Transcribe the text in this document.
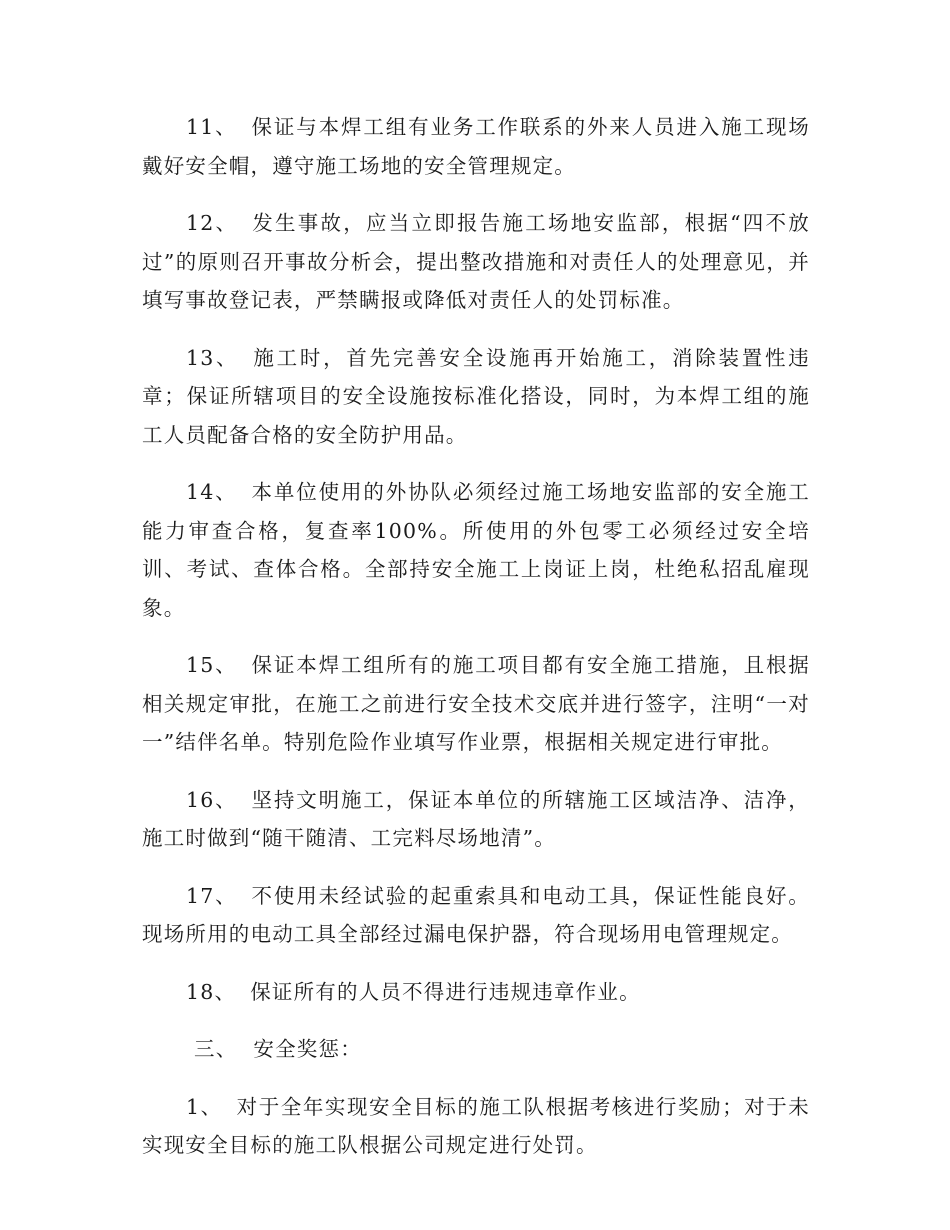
11、 保证与本焊工组有业务工作联系的外来人员进入施工现场戴好安全帽，遵守施工场地的安全管理规定。

12、 发生事故，应当立即报告施工场地安监部，根据“四不放过”的原则召开事故分析会，提出整改措施和对责任人的处理意见，并填写事故登记表，严禁瞒报或降低对责任人的处罚标准。

13、 施工时，首先完善安全设施再开始施工，消除装置性违章；保证所辖项目的安全设施按标准化搭设，同时，为本焊工组的施工人员配备合格的安全防护用品。

14、 本单位使用的外协队必须经过施工场地安监部的安全施工能力审查合格，复查率100%。所使用的外包零工必须经过安全培训、考试、查体合格。全部持安全施工上岗证上岗，杜绝私招乱雇现象。

15、 保证本焊工组所有的施工项目都有安全施工措施，且根据相关规定审批，在施工之前进行安全技术交底并进行签字，注明“一对一”结伴名单。特别危险作业填写作业票，根据相关规定进行审批。

16、 坚持文明施工，保证本单位的所辖施工区域洁净、洁净，施工时做到“随干随清、工完料尽场地清”。

17、 不使用未经试验的起重索具和电动工具，保证性能良好。现场所用的电动工具全部经过漏电保护器，符合现场用电管理规定。

18、 保证所有的人员不得进行违规违章作业。

三、 安全奖惩：

1、 对于全年实现安全目标的施工队根据考核进行奖励；对于未实现安全目标的施工队根据公司规定进行处罚。
